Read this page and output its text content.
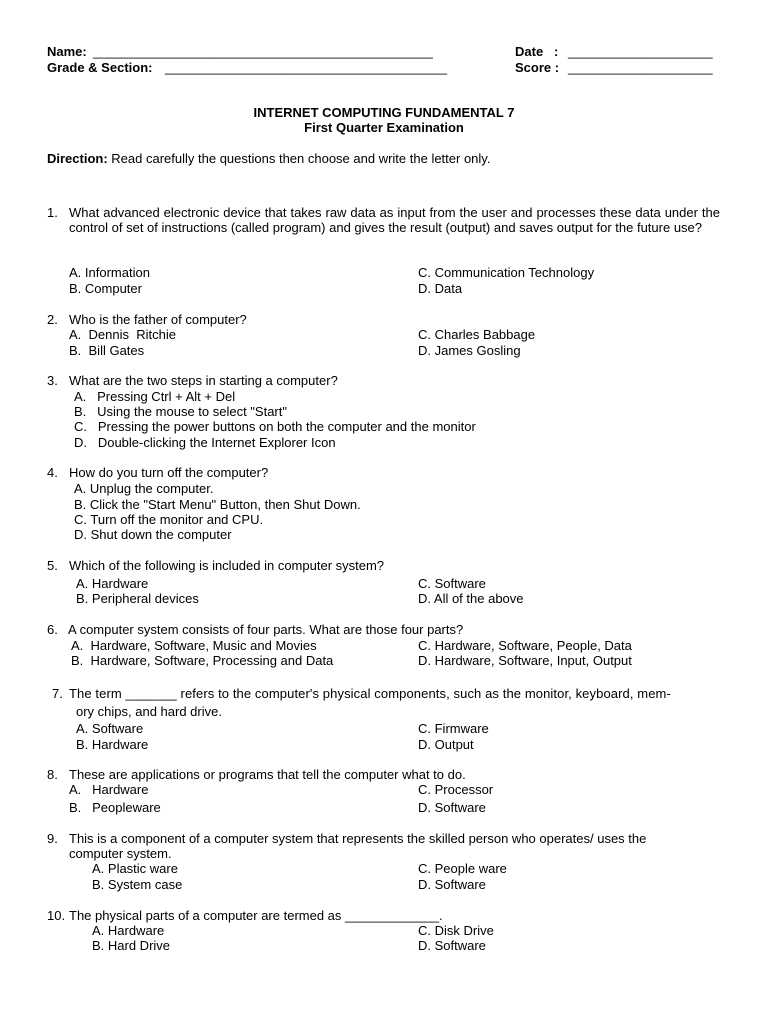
Name: _______________________________________________
Grade & Section: _______________________________________
Date   : ____________________
Score : ____________________
INTERNET COMPUTING FUNDAMENTAL 7
First Quarter Examination
Direction: Read carefully the questions then choose and write the letter only.
1. What advanced electronic device that takes raw data as input from the user and processes these data under the control of set of instructions (called program) and gives the result (output) and saves output for the future use?
A. Information
B. Computer
C. Communication Technology
D. Data
2. Who is the father of computer?
A.  Dennis  Ritchie
B.  Bill Gates
C. Charles Babbage
D. James Gosling
3. What are the two steps in starting a computer?
A.   Pressing Ctrl + Alt + Del
B.   Using the mouse to select "Start"
C.   Pressing the power buttons on both the computer and the monitor
D.   Double-clicking the Internet Explorer Icon
4. How do you turn off the computer?
A. Unplug the computer.
B. Click the "Start Menu" Button, then Shut Down.
C. Turn off the monitor and CPU.
D. Shut down the computer
5. Which of the following is included in computer system?
A. Hardware
B. Peripheral devices
C. Software
D. All of the above
6. A computer system consists of four parts. What are those four parts?
A.  Hardware, Software, Music and Movies
B.  Hardware, Software, Processing and Data
C. Hardware, Software, People, Data
D. Hardware, Software, Input, Output
7. The term _______ refers to the computer's physical components, such as the monitor, keyboard, mem-
ory chips, and hard drive.
A. Software
B. Hardware
C. Firmware
D. Output
8. These are applications or programs that tell the computer what to do.
A.   Hardware
B.   Peopleware
C. Processor
D. Software
9. This is a component of a computer system that represents the skilled person who operates/ uses the
computer system.
A. Plastic ware
B. System case
C. People ware
D. Software
10. The physical parts of a computer are termed as _____________.
A. Hardware
B. Hard Drive
C. Disk Drive
D. Software
